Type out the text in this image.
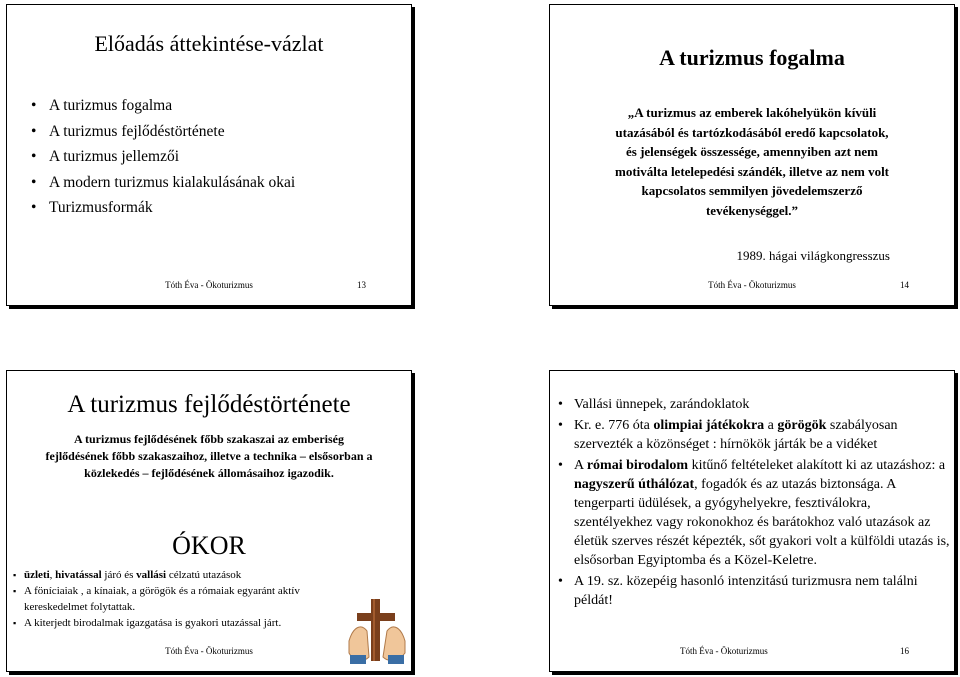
Előadás áttekintése-vázlat
• A turizmus fogalma
• A turizmus fejlődéstörténete
• A turizmus jellemzői
• A modern turizmus kialakulásának okai
• Turizmusformák
Tóth Éva - Ökoturizmus	13
A turizmus fogalma
„A turizmus az emberek lakóhelyükön kívüli
utazásából és tartózkodásából eredő kapcsolatok,
és jelenségek összessége, amennyiben azt nem
motiválta letelepedési szándék, illetve az nem volt
kapcsolatos semmilyen jövedelemszerző
tevékenységgel.”
1989. hágai világkongresszus
Tóth Éva - Ökoturizmus	14
A turizmus fejlődéstörténete
A turizmus fejlődésének főbb szakaszai az emberiség
fejlődésének főbb szakaszaihoz, illetve a technika – elsősorban a
közlekedés – fejlődésének állomásaihoz igazodik.
ÓKOR
▪ üzleti, hivatással járó és vallási célzatú utazások
▪ A föníciaiak , a kínaiak, a görögök és a rómaiak egyaránt aktív kereskedelmet folytattak.
▪ A kiterjedt birodalmak igazgatása is gyakori utazással járt.
Tóth Éva - Ökoturizmus
• Vallási ünnepek, zarándoklatok
• Kr. e. 776 óta olimpiai játékokra a görögök szabályosan szervezték a közönséget : hírnökök járták be a vidéket
• A római birodalom kitűnő feltételeket alakított ki az utazáshoz: a nagyszerű úthálózat, fogadók és az utazás biztonsága. A tengerparti üdülések, a gyógyhelyekre, fesztiválokra, szentélyekhez vagy rokonokhoz és barátokhoz való utazások az életük szerves részét képezték, sőt gyakori volt a külföldi utazás is, elsősorban Egyiptomba és a Közel-Keletre.
• A 19. sz. közepéig hasonló intenzitású turizmusra nem találni példát!
Tóth Éva - Ökoturizmus	16
